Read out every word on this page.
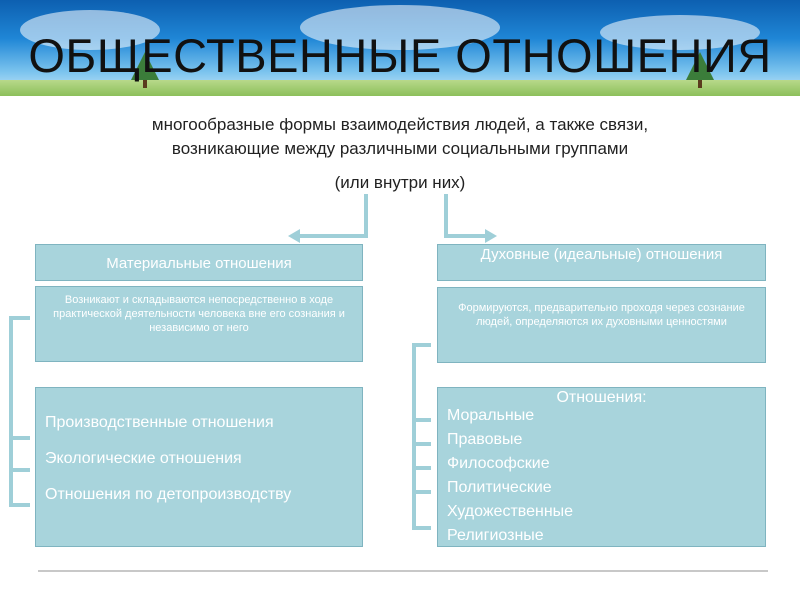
ОБЩЕСТВЕННЫЕ ОТНОШЕНИЯ
многообразные формы взаимодействия людей, а также связи,
возникающие между различными социальными группами
(или внутри них)
Материальные отношения
Возникают и складываются непосредственно в ходе практической деятельности человека вне его сознания и независимо от него
Производственные отношения
Экологические отношения
Отношения по детопроизводству
Духовные (идеальные) отношения
Формируются, предварительно проходя через сознание людей, определяются их духовными ценностями
Отношения:
Моральные
Правовые
Философские
Политические
Художественные
Религиозные
